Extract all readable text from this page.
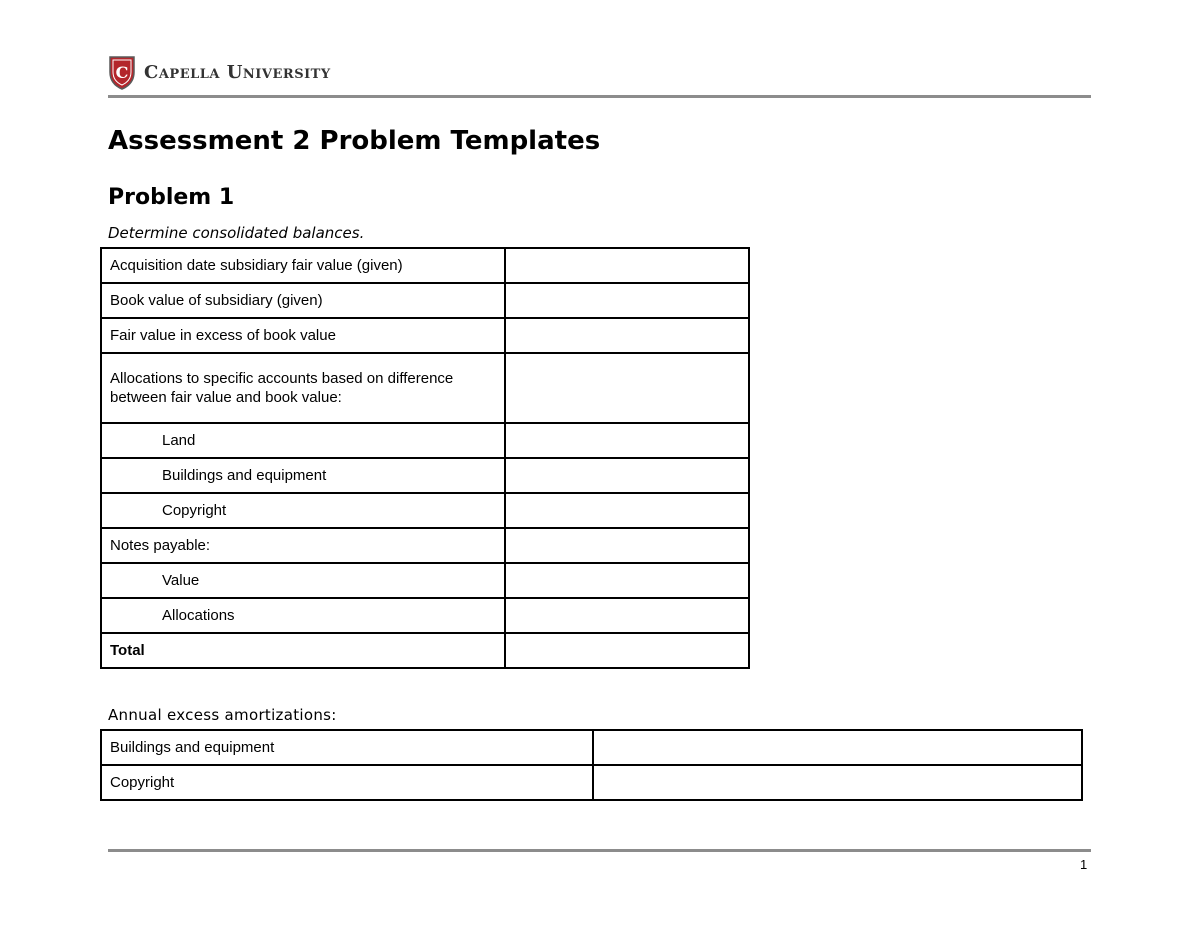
C Capella University
Assessment 2 Problem Templates
Problem 1
Determine consolidated balances.
Acquisition date subsidiary fair value (given)	
Book value of subsidiary (given)	
Fair value in excess of book value	
Allocations to specific accounts based on difference between fair value and book value:	
Land	
Buildings and equipment	
Copyright	
Notes payable:	
Value	
Allocations	
Total	
Annual excess amortizations:
Buildings and equipment	
Copyright	
1
